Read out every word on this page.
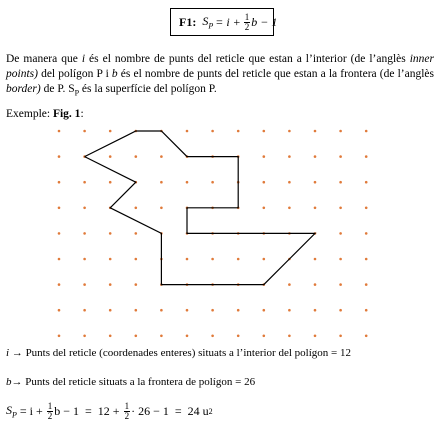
F1: $S_P = i + \frac{1}{2}$ b − 1
De manera que i és el nombre de punts del reticle que estan a l’interior (de l’anglès inner points) del polígon P i b és el nombre de punts del reticle que estan a la frontera (de l’anglès border) de P. $S_P$ és la superfície del polígon P.
Exemple: Fig. 1:
i → Punts del reticle (coordenades enteres) situats a l’interior del polígon = 12
b→ Punts del reticle situats a la frontera de polígon = 26
$S_P = i + \frac{1}{2}$ $b - 1 = 12 + \frac{1}{2} \cdot 26 - 1 = 24$ u 2
